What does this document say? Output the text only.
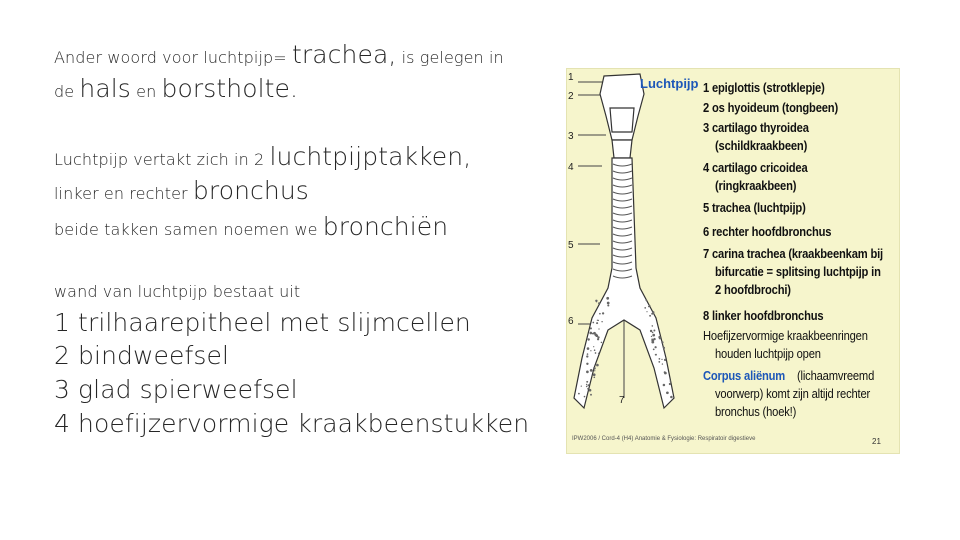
Ander woord voor luchtpijp= trachea, is gelegen in
de hals en borstholte.
Luchtpijp vertakt zich in 2 luchtpijptakken,
linker en rechter bronchus
beide takken samen noemen we bronchiën
wand van luchtpijp bestaat uit
1 trilhaarepitheel met slijmcellen
2 bindweefsel
3 glad spierweefsel
4 hoefijzervormige kraakbeenstukken
1
2
3
4
5
6
7
Luchtpijp 1 epiglottis (strotklepje)
2 os hyoideum (tongbeen)
3 cartilago thyroidea
(schildkraakbeen)
4 cartilago cricoidea
(ringkraakbeen)
5 trachea (luchtpijp)
6 rechter hoofdbronchus
7 carina trachea (kraakbeenkam bij
bifurcatie = splitsing luchtpijp in
2 hoofdbrochi)
8 linker hoofdbronchus
Hoefijzervormige kraakbeenringen
houden luchtpijp open
Corpus aliënum (lichaamvreemd
voorwerp) komt zijn altijd rechter
bronchus (hoek!)
IPW2006 / Cord-4 (H4) Anatomie & Fysiologie: Respiratoir digestieve	21
